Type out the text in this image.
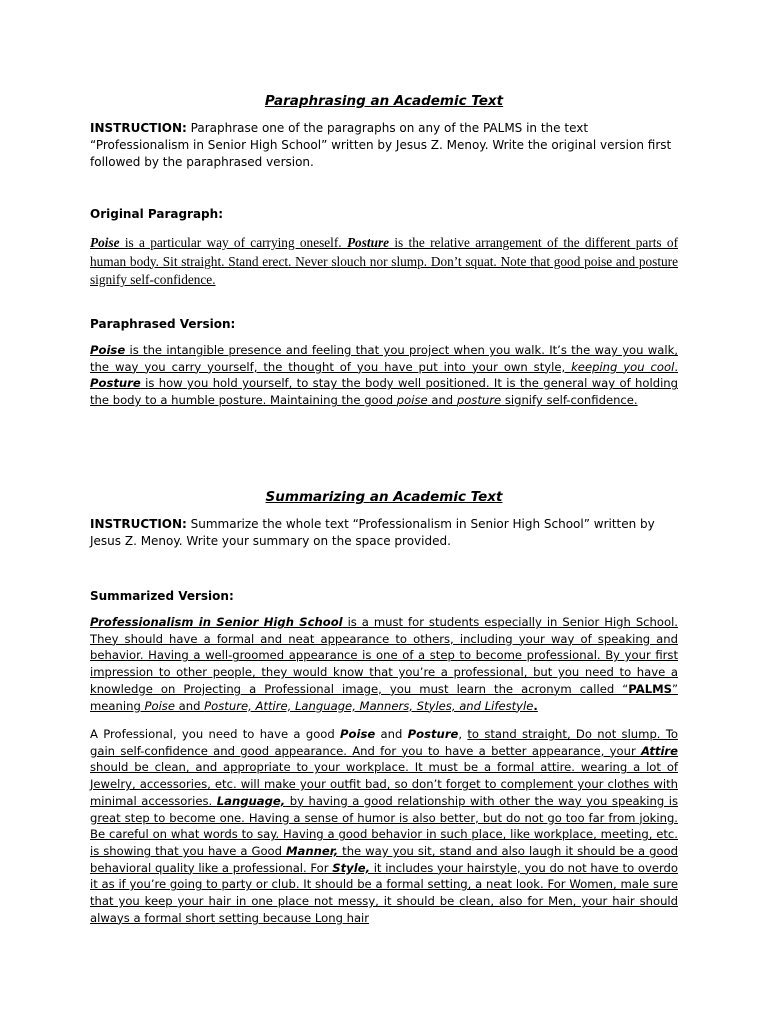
Paraphrasing an Academic Text

INSTRUCTION: Paraphrase one of the paragraphs on any of the PALMS in the text “Professionalism in Senior High School” written by Jesus Z. Menoy. Write the original version first followed by the paraphrased version.

Original Paragraph:

Poise is a particular way of carrying oneself. Posture is the relative arrangement of the different parts of human body. Sit straight. Stand erect. Never slouch nor slump. Don’t squat. Note that good poise and posture signify self-confidence.

Paraphrased Version:

Poise is the intangible presence and feeling that you project when you walk. It’s the way you walk, the way you carry yourself, the thought of you have put into your own style, keeping you cool. Posture is how you hold yourself, to stay the body well positioned. It is the general way of holding the body to a humble posture. Maintaining the good poise and posture signify self-confidence.

Summarizing an Academic Text

INSTRUCTION: Summarize the whole text “Professionalism in Senior High School” written by Jesus Z. Menoy. Write your summary on the space provided.

Summarized Version:

Professionalism in Senior High School is a must for students especially in Senior High School. They should have a formal and neat appearance to others, including your way of speaking and behavior. Having a well-groomed appearance is one of a step to become professional. By your first impression to other people, they would know that you’re a professional, but you need to have a knowledge on Projecting a Professional image, you must learn the acronym called “PALMS” meaning Poise and Posture, Attire, Language, Manners, Styles, and Lifestyle.

A Professional, you need to have a good Poise and Posture, to stand straight, Do not slump. To gain self-confidence and good appearance. And for you to have a better appearance, your Attire should be clean, and appropriate to your workplace. It must be a formal attire. wearing a lot of Jewelry, accessories, etc. will make your outfit bad, so don’t forget to complement your clothes with minimal accessories. Language, by having a good relationship with other the way you speaking is great step to become one. Having a sense of humor is also better, but do not go too far from joking. Be careful on what words to say. Having a good behavior in such place, like workplace, meeting, etc. is showing that you have a Good Manner, the way you sit, stand and also laugh it should be a good behavioral quality like a professional. For Style, it includes your hairstyle, you do not have to overdo it as if you’re going to party or club. It should be a formal setting, a neat look. For Women, male sure that you keep your hair in one place not messy, it should be clean, also for Men, your hair should always a formal short setting because Long hair
